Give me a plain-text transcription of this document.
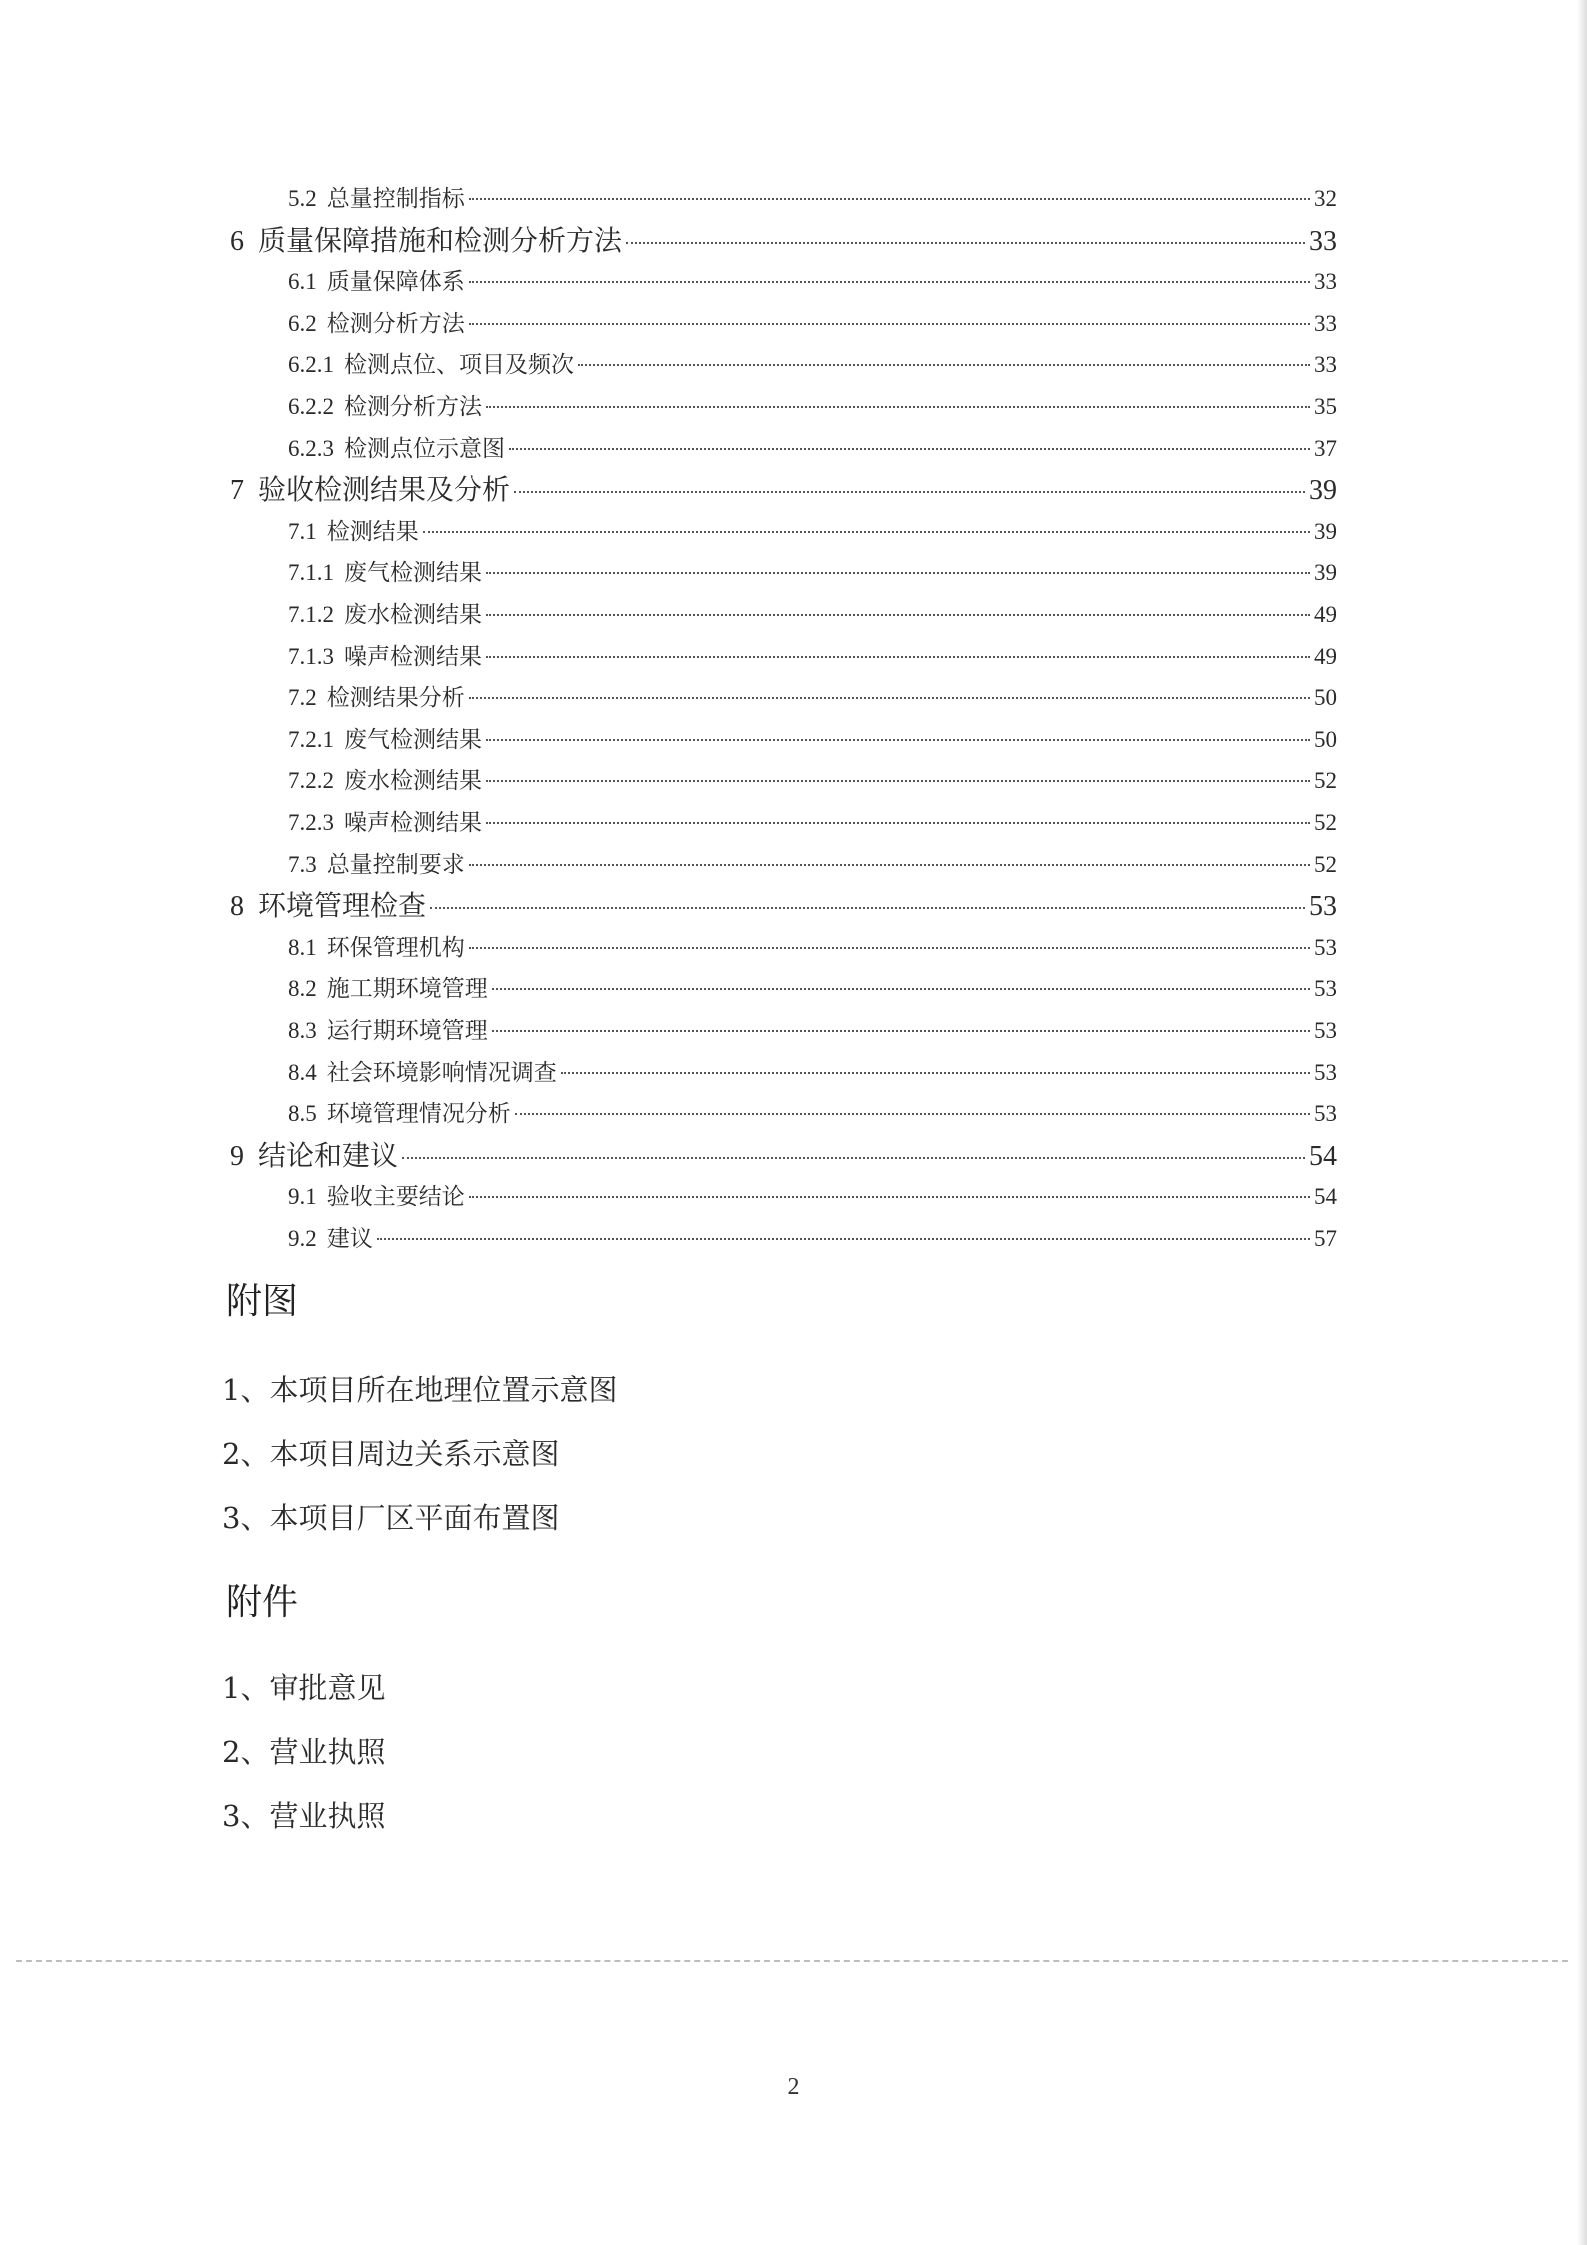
5.2 总量控制指标	32
6 质量保障措施和检测分析方法	33
6.1 质量保障体系	33
6.2 检测分析方法	33
6.2.1 检测点位、项目及频次	33
6.2.2 检测分析方法	35
6.2.3 检测点位示意图	37
7 验收检测结果及分析	39
7.1 检测结果	39
7.1.1 废气检测结果	39
7.1.2 废水检测结果	49
7.1.3 噪声检测结果	49
7.2 检测结果分析	50
7.2.1 废气检测结果	50
7.2.2 废水检测结果	52
7.2.3 噪声检测结果	52
7.3 总量控制要求	52
8 环境管理检查	53
8.1 环保管理机构	53
8.2 施工期环境管理	53
8.3 运行期环境管理	53
8.4 社会环境影响情况调查	53
8.5 环境管理情况分析	53
9 结论和建议	54
9.1 验收主要结论	54
9.2 建议	57
附图
1、本项目所在地理位置示意图
2、本项目周边关系示意图
3、本项目厂区平面布置图
附件
1、审批意见
2、营业执照
3、营业执照
2
